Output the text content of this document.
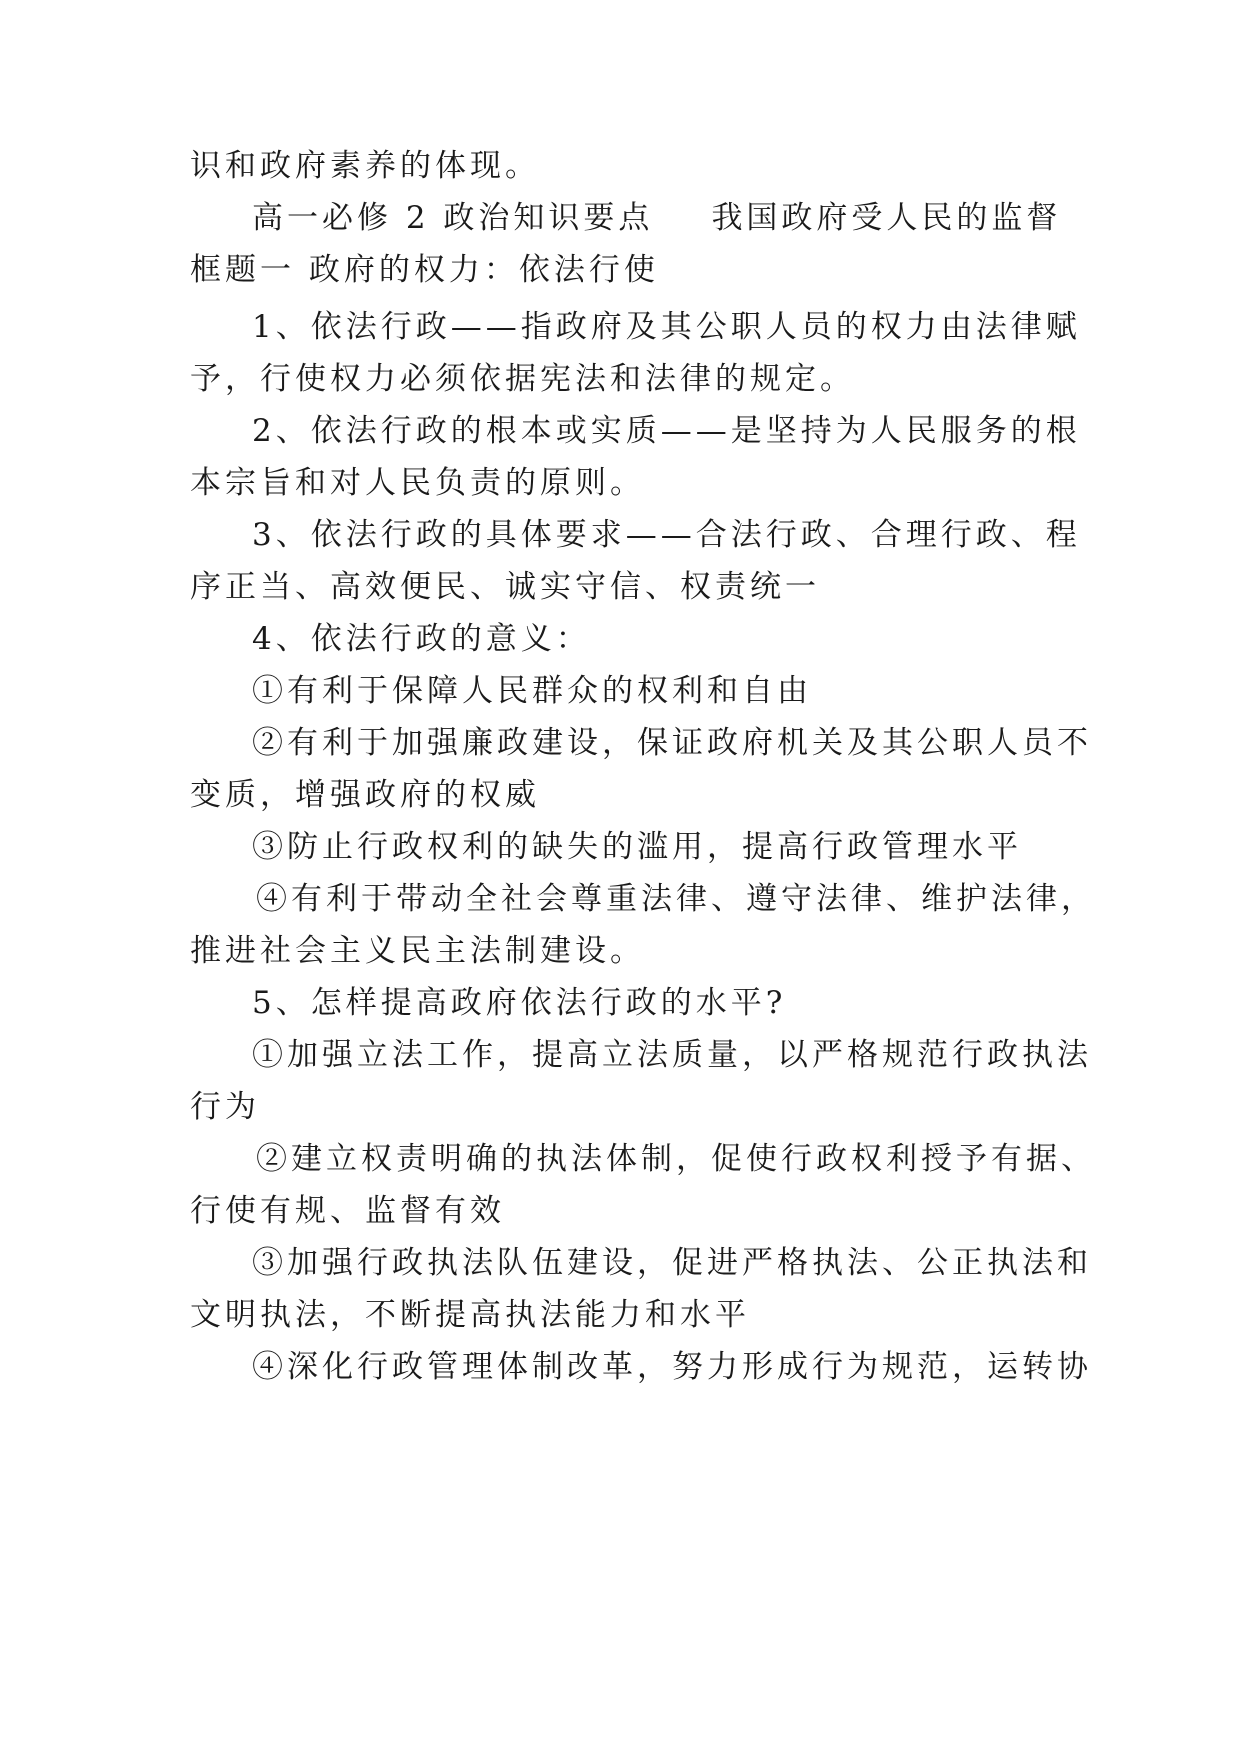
识和政府素养的体现。
高一必修 2 政治知识要点 我国政府受人民的监督
框题一 政府的权力：依法行使
1、依法行政——指政府及其公职人员的权力由法律赋
予，行使权力必须依据宪法和法律的规定。
2、依法行政的根本或实质——是坚持为人民服务的根
本宗旨和对人民负责的原则。
3、依法行政的具体要求——合法行政、合理行政、程
序正当、高效便民、诚实守信、权责统一
4、依法行政的意义：
①有利于保障人民群众的权利和自由
②有利于加强廉政建设，保证政府机关及其公职人员不
变质，增强政府的权威
③防止行政权利的缺失的滥用，提高行政管理水平
④有利于带动全社会尊重法律、遵守法律、维护法律，
推进社会主义民主法制建设。
5、怎样提高政府依法行政的水平?
①加强立法工作，提高立法质量，以严格规范行政执法
行为
②建立权责明确的执法体制，促使行政权利授予有据、
行使有规、监督有效
③加强行政执法队伍建设，促进严格执法、公正执法和
文明执法，不断提高执法能力和水平
④深化行政管理体制改革，努力形成行为规范，运转协
